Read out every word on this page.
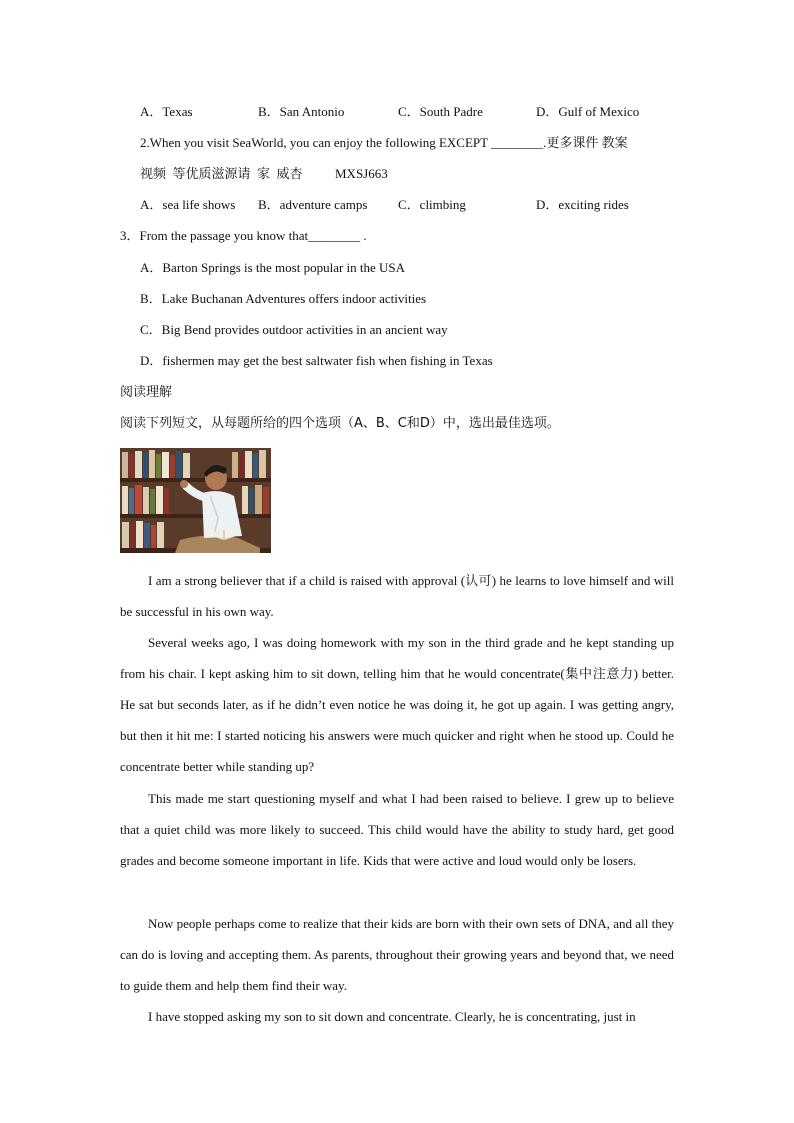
A．Texas	B．San Antonio	C．South Padre	D．Gulf of Mexico
2.When you visit SeaWorld, you can enjoy the following EXCEPT ________.更多课件 教案
视频  等优质滋源请  家  威杏          MXSJ663
A．sea life shows B．adventure camps C．climbing	D．exciting rides
3．From the passage you know that________ .
A．Barton Springs is the most popular in the USA
B．Lake Buchanan Adventures offers indoor activities
C．Big Bend provides outdoor activities in an ancient way
D．fishermen may get the best saltwater fish when fishing in Texas
阅读理解
阅读下列短文，从每题所给的四个选项（A、B、C和D）中，选出最佳选项。

I am a strong believer that if a child is raised with approval (认可) he learns to love himself and will be successful in his own way.

Several weeks ago, I was doing homework with my son in the third grade and he kept standing up from his chair. I kept asking him to sit down, telling him that he would concentrate(集中注意力) better. He sat but seconds later, as if he didn’t even notice he was doing it, he got up again. I was getting angry, but then it hit me: I started noticing his answers were much quicker and right when he stood up. Could he concentrate better while standing up?

This made me start questioning myself and what I had been raised to believe. I grew up to believe that a quiet child was more likely to succeed. This child would have the ability to study hard, get good grades and become someone important in life. Kids that were active and loud would only be losers.

Now people perhaps come to realize that their kids are born with their own sets of DNA, and all they can do is loving and accepting them. As parents, throughout their growing years and beyond that, we need to guide them and help them find their way.

I have stopped asking my son to sit down and concentrate. Clearly, he is concentrating, just in
